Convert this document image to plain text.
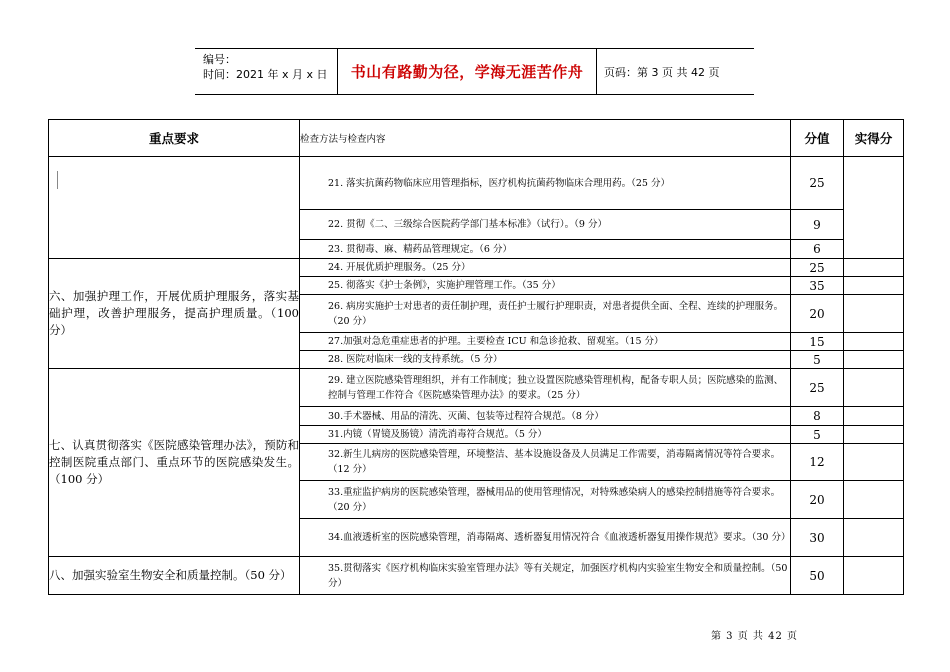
编号：
时间：2021 年 x 月 x 日	书山有路勤为径，学海无涯苦作舟	页码：第 3 页 共 42 页
重点要求	检查方法与检查内容	分值	实得分
	21. 落实抗菌药物临床应用管理指标，医疗机构抗菌药物临床合理用药。（25 分）	25	
	22. 贯彻《二、三级综合医院药学部门基本标准》（试行）。（9 分）	9	
	23. 贯彻毒、麻、精药品管理规定。（6 分）	6	
六、加强护理工作，开展优质护理服务，落实基础护理，改善护理服务，提高护理质量。（100 分）	24. 开展优质护理服务。（25 分）	25	
	25. 彻落实《护士条例》，实施护理管理工作。（35 分）	35	
	26. 病房实施护士对患者的责任制护理，责任护士履行护理职责，对患者提供全面、全程、连续的护理服务。（20 分）	20	
	27.加强对急危重症患者的护理。主要检查 ICU 和急诊抢救、留观室。（15 分）	15	
	28. 医院对临床一线的支持系统。（5 分）	5	
七、认真贯彻落实《医院感染管理办法》，预防和控制医院重点部门、重点环节的医院感染发生。（100 分）	29. 建立医院感染管理组织，并有工作制度；独立设置医院感染管理机构，配备专职人员；医院感染的监测、控制与管理工作符合《医院感染管理办法》的要求。（25 分）	25	
	30.手术器械、用品的清洗、灭菌、包装等过程符合规范。（8 分）	8	
	31.内镜（胃镜及肠镜）清洗消毒符合规范。（5 分）	5	
	32.新生儿病房的医院感染管理，环境整洁、基本设施设备及人员满足工作需要，消毒隔离情况等符合要求。（12 分）	12	
	33.重症监护病房的医院感染管理，器械用品的使用管理情况，对特殊感染病人的感染控制措施等符合要求。（20 分）	20	
	34.血液透析室的医院感染管理，消毒隔离、透析器复用情况符合《血液透析器复用操作规范》要求。（30 分）	30	
八、加强实验室生物安全和质量控制。（50 分）	35.贯彻落实《医疗机构临床实验室管理办法》等有关规定，加强医疗机构内实验室生物安全和质量控制。（50 分）	50	
第 3 页 共 42 页
